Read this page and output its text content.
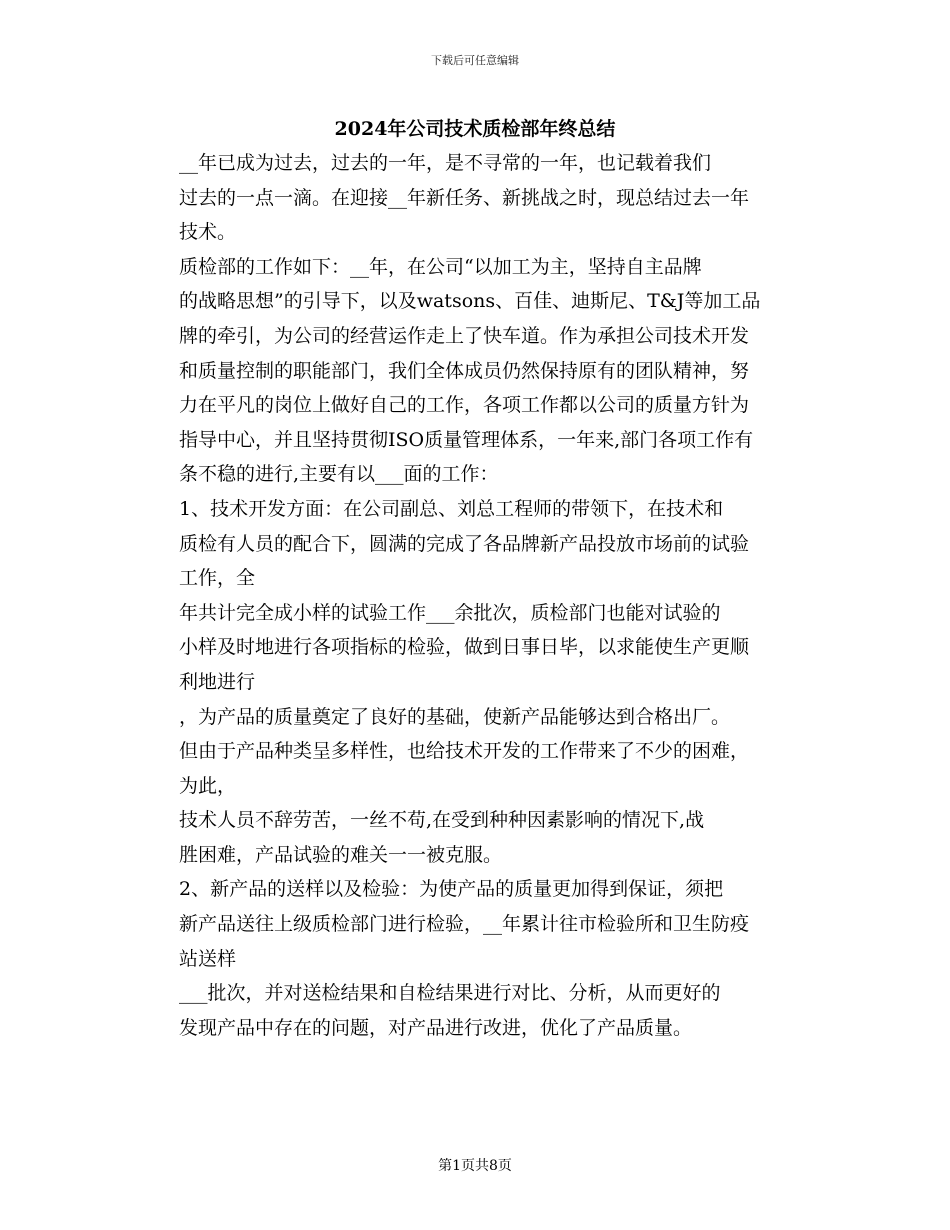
下载后可任意编辑
2024年公司技术质检部年终总结

__年已成为过去，过去的一年，是不寻常的一年，也记载着我们
过去的一点一滴。在迎接__年新任务、新挑战之时，现总结过去一年
技术。

质检部的工作如下：__年，在公司“以加工为主，坚持自主品牌
的战略思想”的引导下，以及watsons、百佳、迪斯尼、T&J等加工品
牌的牵引，为公司的经营运作走上了快车道。作为承担公司技术开发
和质量控制的职能部门，我们全体成员仍然保持原有的团队精神，努
力在平凡的岗位上做好自己的工作，各项工作都以公司的质量方针为
指导中心，并且坚持贯彻ISO质量管理体系，一年来,部门各项工作有
条不稳的进行,主要有以___面的工作：

1、技术开发方面：在公司副总、刘总工程师的带领下，在技术和
质检有人员的配合下，圆满的完成了各品牌新产品投放市场前的试验
工作，全

年共计完全成小样的试验工作___余批次，质检部门也能对试验的
小样及时地进行各项指标的检验，做到日事日毕，以求能使生产更顺
利地进行

，为产品的质量奠定了良好的基础，使新产品能够达到合格出厂。
但由于产品种类呈多样性，也给技术开发的工作带来了不少的困难，
为此，

技术人员不辞劳苦，一丝不苟,在受到种种因素影响的情况下,战
胜困难，产品试验的难关一一被克服。

2、新产品的送样以及检验：为使产品的质量更加得到保证，须把
新产品送往上级质检部门进行检验，__年累计往市检验所和卫生防疫
站送样

___批次，并对送检结果和自检结果进行对比、分析，从而更好的
发现产品中存在的问题，对产品进行改进，优化了产品质量。

第1页共8页
